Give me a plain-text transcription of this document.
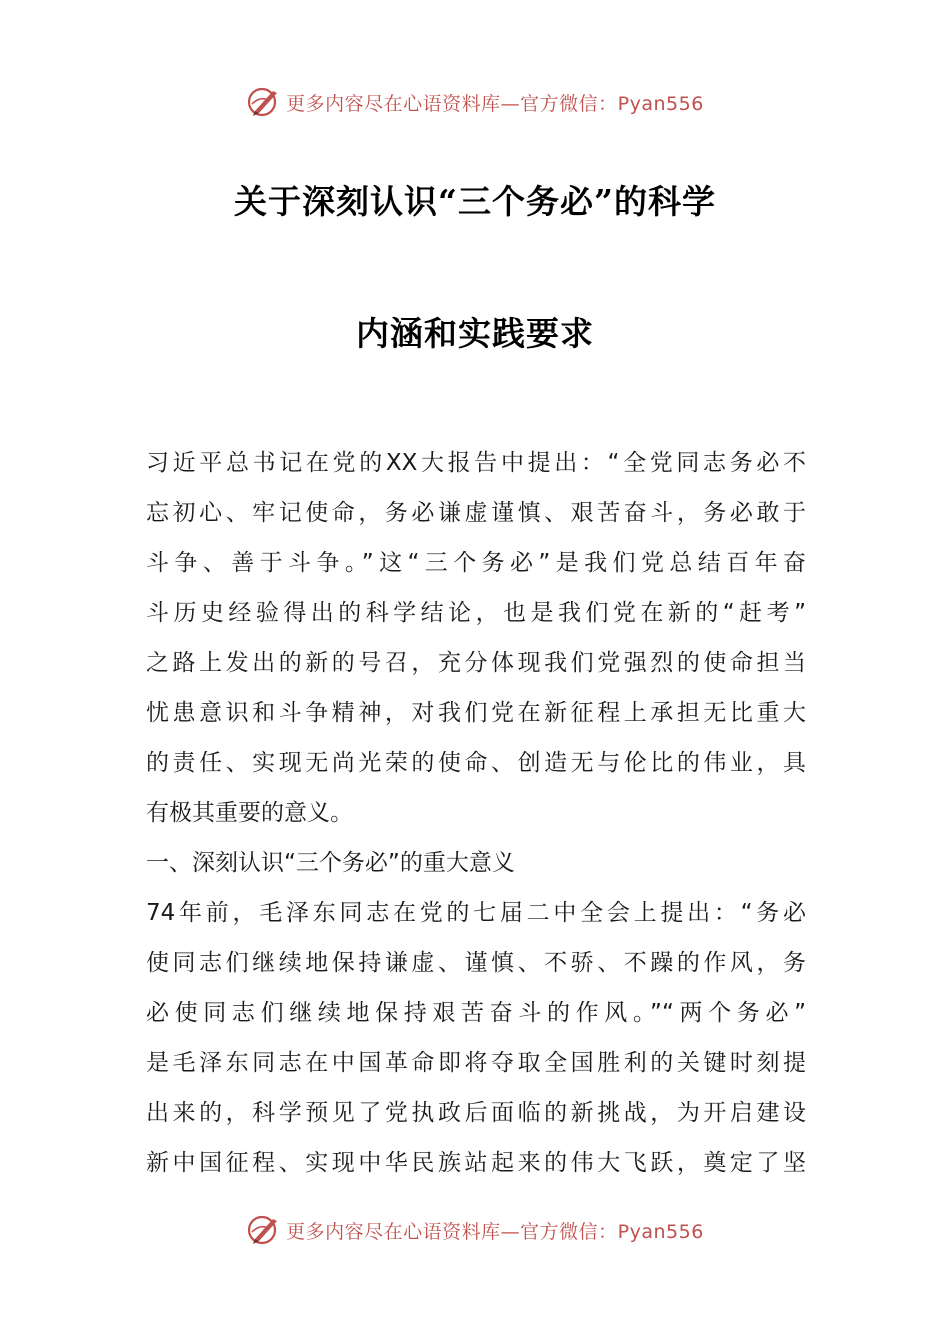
更多内容尽在心语资料库—官方微信：Pyan556
关于深刻认识“三个务必”的科学
内涵和实践要求
习近平总书记在党的XX大报告中提出：“全党同志务必不
忘初心、牢记使命，务必谦虚谨慎、艰苦奋斗，务必敢于
斗争、善于斗争。”这“三个务必”是我们党总结百年奋
斗历史经验得出的科学结论，也是我们党在新的“赶考”
之路上发出的新的号召，充分体现我们党强烈的使命担当
忧患意识和斗争精神，对我们党在新征程上承担无比重大
的责任、实现无尚光荣的使命、创造无与伦比的伟业，具
有极其重要的意义。
一、深刻认识“三个务必”的重大意义
74年前，毛泽东同志在党的七届二中全会上提出：“务必
使同志们继续地保持谦虚、谨慎、不骄、不躁的作风，务
必使同志们继续地保持艰苦奋斗的作风。”“两个务必”
是毛泽东同志在中国革命即将夺取全国胜利的关键时刻提
出来的，科学预见了党执政后面临的新挑战，为开启建设
新中国征程、实现中华民族站起来的伟大飞跃，奠定了坚
更多内容尽在心语资料库—官方微信：Pyan556
